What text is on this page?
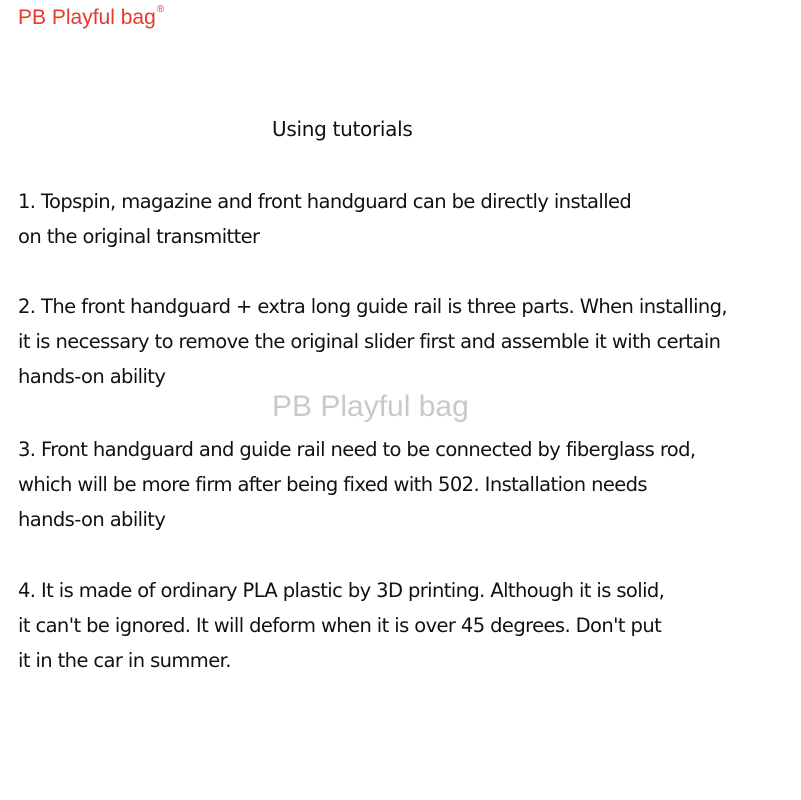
PB Playful bag®
Using tutorials
PB Playful bag
1. Topspin, magazine and front handguard can be directly installed
on the original transmitter
2. The front handguard + extra long guide rail is three parts. When installing,
it is necessary to remove the original slider first and assemble it with certain
hands-on ability
3. Front handguard and guide rail need to be connected by fiberglass rod,
which will be more firm after being fixed with 502. Installation needs
hands-on ability
4. It is made of ordinary PLA plastic by 3D printing. Although it is solid,
it can't be ignored. It will deform when it is over 45 degrees. Don't put
it in the car in summer.
